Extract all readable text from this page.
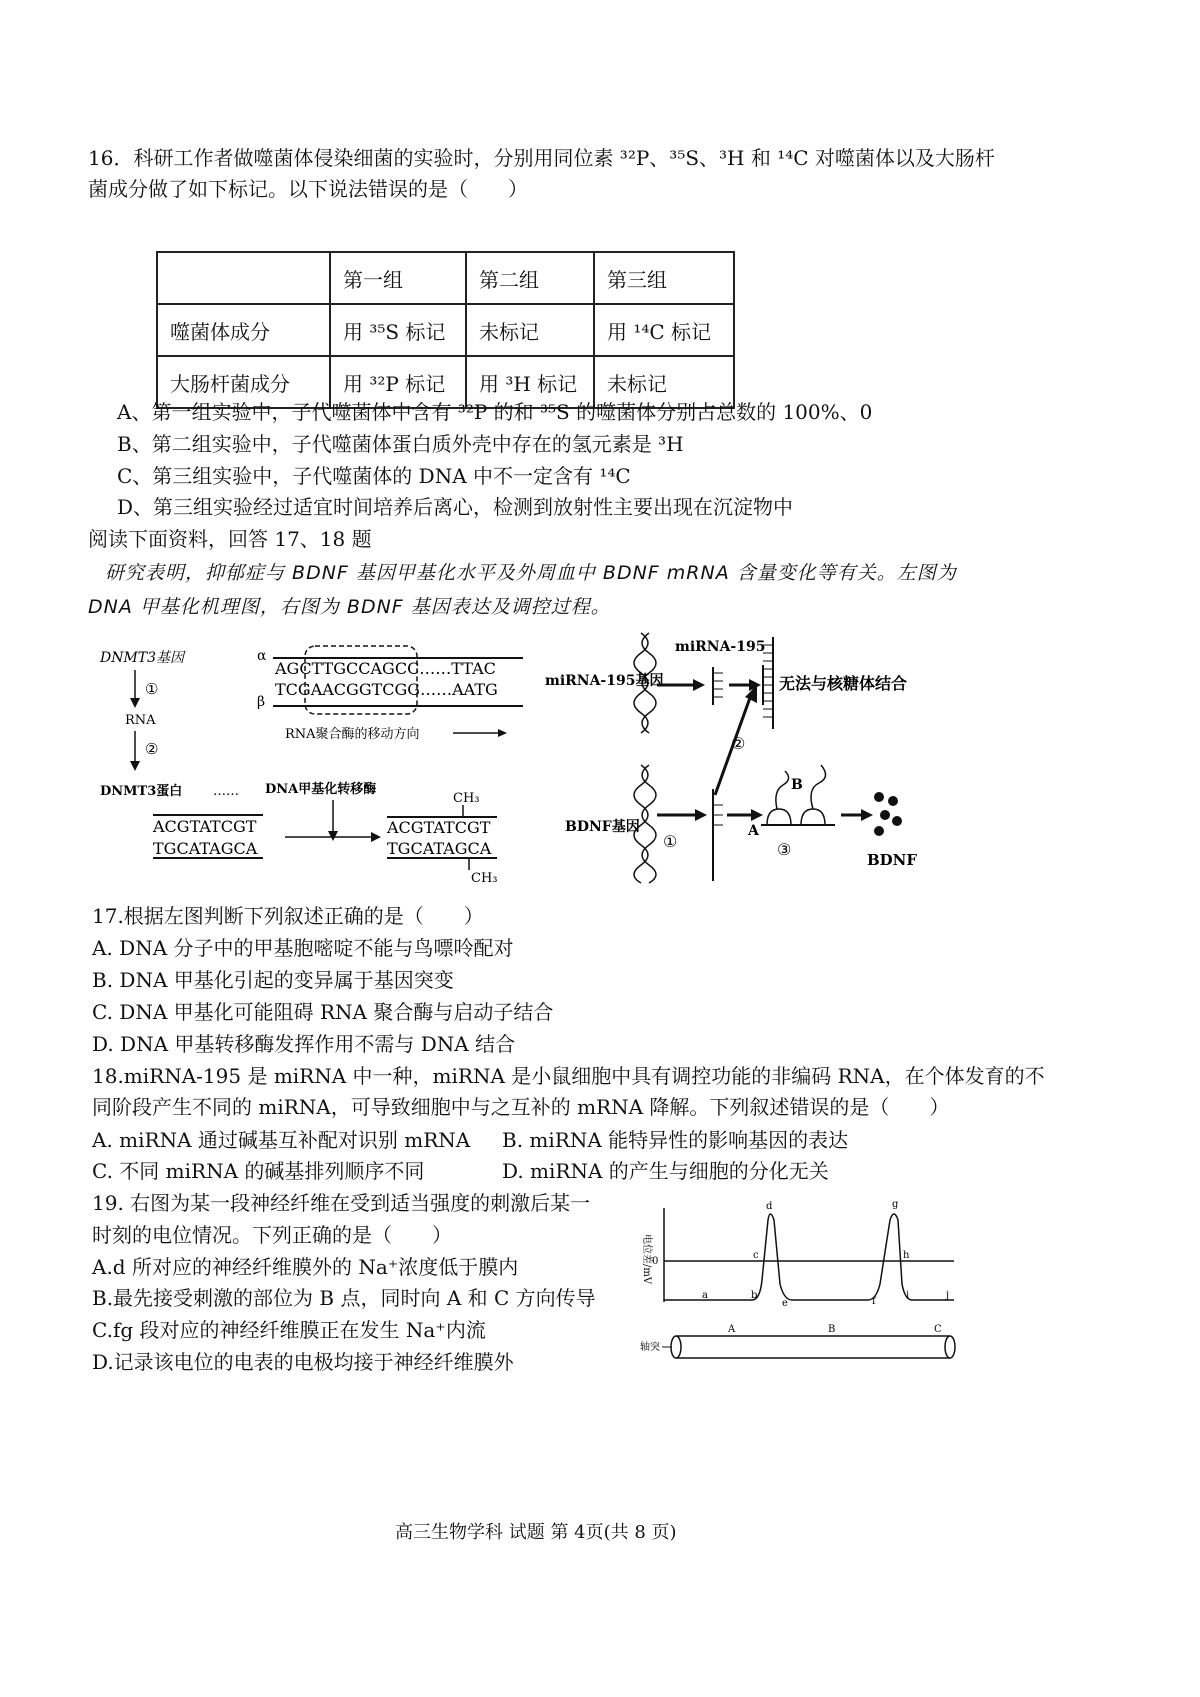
16．科研工作者做噬菌体侵染细菌的实验时，分别用同位素 ³²P、³⁵S、³H 和 ¹⁴C 对噬菌体以及大肠杆
菌成分做了如下标记。以下说法错误的是（　　）
	第一组	第二组	第三组
噬菌体成分	用 ³⁵S 标记	未标记	用 ¹⁴C 标记
大肠杆菌成分	用 ³²P 标记	用 ³H 标记	未标记
A、第一组实验中，子代噬菌体中含有 ³²P 的和 ³⁵S 的噬菌体分别占总数的 100%、0
B、第二组实验中，子代噬菌体蛋白质外壳中存在的氢元素是 ³H
C、第三组实验中，子代噬菌体的 DNA 中不一定含有 ¹⁴C
D、第三组实验经过适宜时间培养后离心，检测到放射性主要出现在沉淀物中
阅读下面资料，回答 17、18 题
研究表明，抑郁症与 BDNF 基因甲基化水平及外周血中 BDNF mRNA 含量变化等有关。左图为
DNA 甲基化机理图，右图为 BDNF 基因表达及调控过程。
DNMT3基因
①
RNA
②
DNMT3蛋白 …… DNA甲基化转移酶
α
β
AGCTTGCCAGCC……TTAC
TCGAACGGTCGG……AATG
RNA聚合酶的移动方向
ACGTATCGT
TGCATAGCA
CH₃
ACGTATCGT
TGCATAGCA
CH₃
miRNA-195基因
miRNA-195
无法与核糖体结合
②
BDNF基因
①
B
A
③
BDNF
17.根据左图判断下列叙述正确的是（　　）
A. DNA 分子中的甲基胞嘧啶不能与鸟嘌呤配对
B. DNA 甲基化引起的变异属于基因突变
C. DNA 甲基化可能阻碍 RNA 聚合酶与启动子结合
D. DNA 甲基转移酶发挥作用不需与 DNA 结合
18.miRNA-195 是 miRNA 中一种，miRNA 是小鼠细胞中具有调控功能的非编码 RNA，在个体发育的不
同阶段产生不同的 miRNA，可导致细胞中与之互补的 mRNA 降解。下列叙述错误的是（　　）
A. miRNA 通过碱基互补配对识别 mRNA B. miRNA 能特异性的影响基因的表达
C. 不同 miRNA 的碱基排列顺序不同	D. miRNA 的产生与细胞的分化无关
19. 右图为某一段神经纤维在受到适当强度的刺激后某一
时刻的电位情况。下列正确的是（　　）
A.d 所对应的神经纤维膜外的 Na⁺浓度低于膜内
B.最先接受刺激的部位为 B 点，同时向 A 和 C 方向传导
C.fg 段对应的神经纤维膜正在发生 Na⁺内流
D.记录该电位的电表的电极均接于神经纤维膜外
电位差/mV 0
a	b
c
d
e	f
g
h
i	j
轴突
A	B	C
高三生物学科 试题 第 4页(共 8 页)
